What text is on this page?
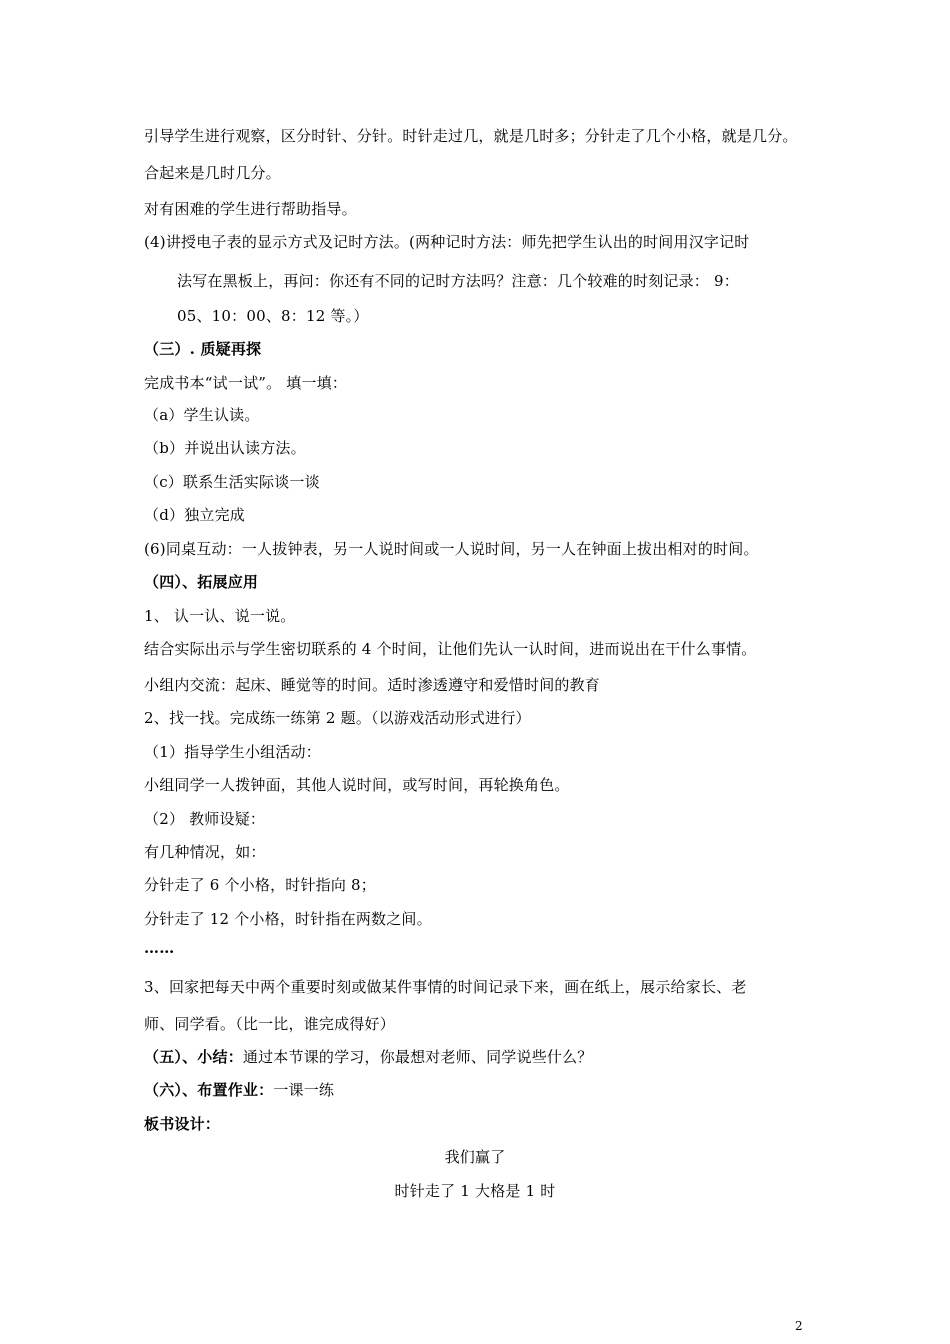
引导学生进行观察，区分时针、分针。时针走过几，就是几时多；分针走了几个小格，就是几分。
合起来是几时几分。
对有困难的学生进行帮助指导。
(4)讲授电子表的显示方式及记时方法。(两种记时方法：师先把学生认出的时间用汉字记时
法写在黑板上，再问：你还有不同的记时方法吗？注意：几个较难的时刻记录： 9：
05、10：00、8：12 等。）
（三）. 质疑再探
完成书本“试一试”。 填一填：
（a）学生认读。
（b）并说出认读方法。
（c）联系生活实际谈一谈
（d）独立完成
(6)同桌互动：一人拔钟表，另一人说时间或一人说时间，另一人在钟面上拔出相对的时间。
（四）、拓展应用
1、 认一认、说一说。
结合实际出示与学生密切联系的 4 个时间，让他们先认一认时间，进而说出在干什么事情。
小组内交流：起床、睡觉等的时间。适时渗透遵守和爱惜时间的教育
2、找一找。完成练一练第 2 题。（以游戏活动形式进行）
（1）指导学生小组活动：
小组同学一人拨钟面，其他人说时间，或写时间，再轮换角色。
（2） 教师设疑：
有几种情况，如：
分针走了 6 个小格，时针指向 8；
分针走了 12 个小格，时针指在两数之间。
……
3、回家把每天中两个重要时刻或做某件事情的时间记录下来，画在纸上，展示给家长、老
师、同学看。（比一比，谁完成得好）
（五）、小结：通过本节课的学习，你最想对老师、同学说些什么？
（六）、布置作业：一课一练
板书设计：
我们赢了
时针走了 1 大格是 1 时
2
